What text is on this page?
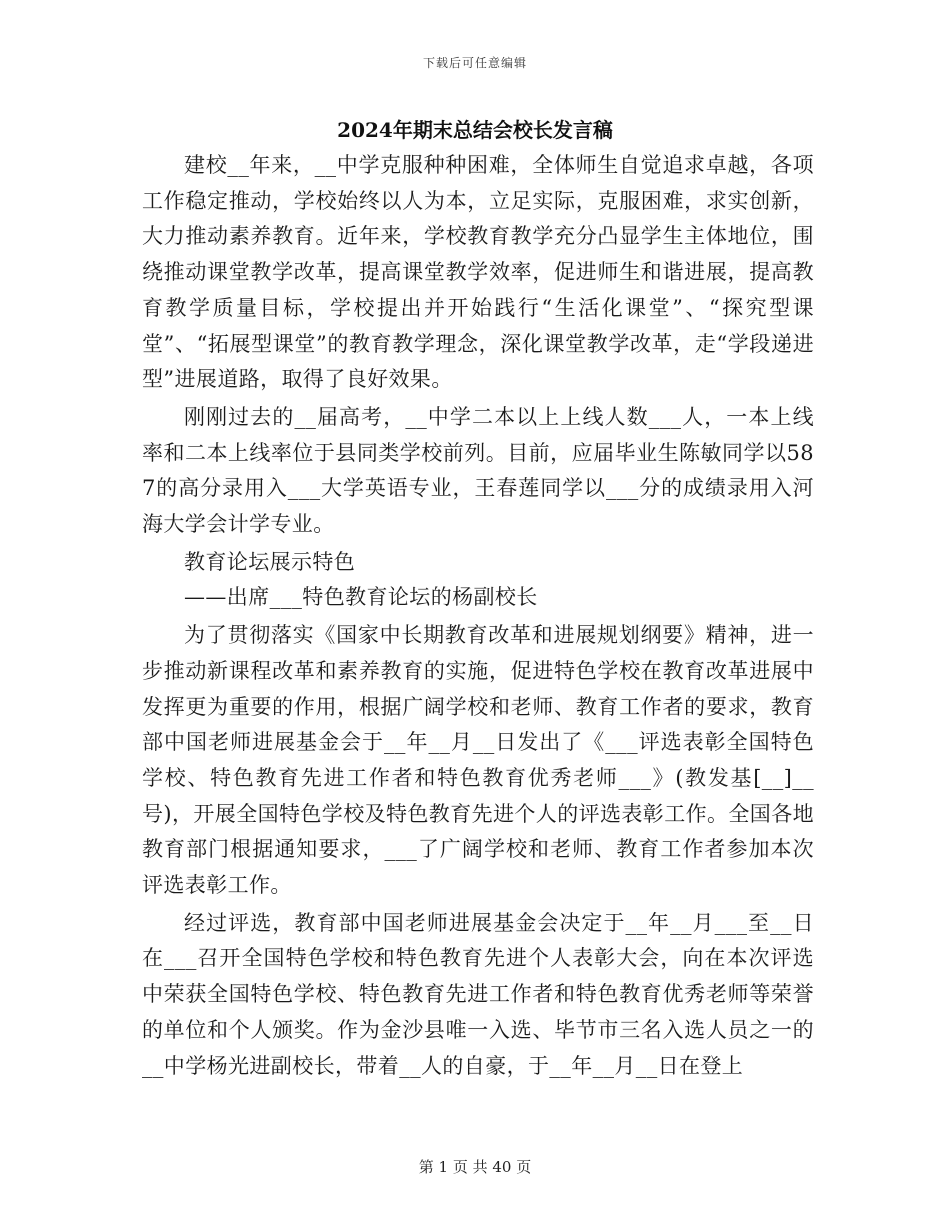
下载后可任意编辑
2024年期末总结会校长发言稿

建校__年来，__中学克服种种困难，全体师生自觉追求卓越，各项工作稳定推动，学校始终以人为本，立足实际，克服困难，求实创新，大力推动素养教育。近年来，学校教育教学充分凸显学生主体地位，围绕推动课堂教学改革，提高课堂教学效率，促进师生和谐进展，提高教育教学质量目标，学校提出并开始践行“生活化课堂”、“探究型课堂”、“拓展型课堂”的教育教学理念，深化课堂教学改革，走“学段递进型”进展道路，取得了良好效果。

刚刚过去的__届高考，__中学二本以上上线人数___人，一本上线率和二本上线率位于县同类学校前列。目前，应届毕业生陈敏同学以587的高分录用入___大学英语专业，王春莲同学以___分的成绩录用入河海大学会计学专业。

教育论坛展示特色

——出席___特色教育论坛的杨副校长

为了贯彻落实《国家中长期教育改革和进展规划纲要》精神，进一步推动新课程改革和素养教育的实施，促进特色学校在教育改革进展中发挥更为重要的作用，根据广阔学校和老师、教育工作者的要求，教育部中国老师进展基金会于__年__月__日发出了《___评选表彰全国特色学校、特色教育先进工作者和特色教育优秀老师___》(教发基[__]__号)，开展全国特色学校及特色教育先进个人的评选表彰工作。全国各地教育部门根据通知要求，___了广阔学校和老师、教育工作者参加本次评选表彰工作。

经过评选，教育部中国老师进展基金会决定于__年__月___至__日在___召开全国特色学校和特色教育先进个人表彰大会，向在本次评选中荣获全国特色学校、特色教育先进工作者和特色教育优秀老师等荣誉的单位和个人颁奖。作为金沙县唯一入选、毕节市三名入选人员之一的__中学杨光进副校长，带着__人的自豪，于__年__月__日在登上

第 1 页 共 40 页
